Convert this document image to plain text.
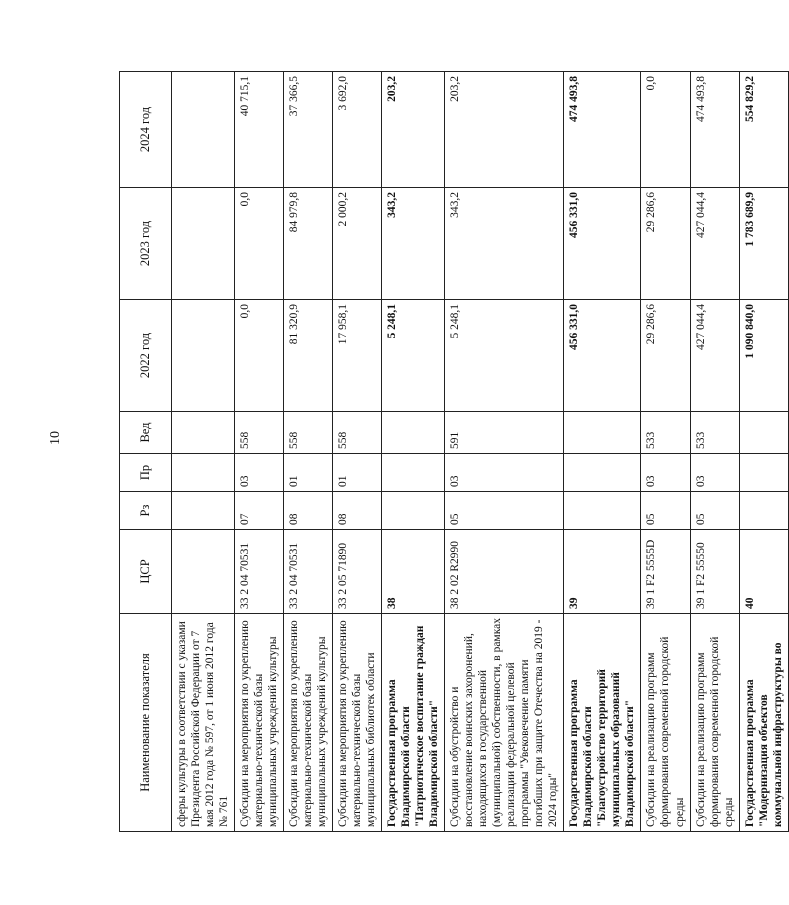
10
Наименование показателя	ЦСР	Рз	Пр	Вед	2022 год	2023 год	2024 год
сферы культуры в соответствии с указами Президента Российской Федерации от 7 мая 2012 года № 597, от 1 июня 2012 года № 761							
Субсидии на мероприятия по укреплению материально-технической базы муниципальных учреждений культуры	33 2 04 70531	07	03	558	0,0	0,0	40 715,1
Субсидии на мероприятия по укреплению материально-технической базы муниципальных учреждений культуры	33 2 04 70531	08	01	558	81 320,9	84 979,8	37 366,5
Субсидии на мероприятия по укреплению материально-технической базы муниципальных библиотек области	33 2 05 71890	08	01	558	17 958,1	2 000,2	3 692,0
Государственная программа Владимирской области "Патриотическое воспитание граждан Владимирской области"	38				5 248,1	343,2	203,2
Субсидии на обустройство и восстановление воинских захоронений, находящихся в государственной (муниципальной) собственности, в рамках реализации федеральной целевой программы "Увековечение памяти погибших при защите Отечества на 2019 - 2024 годы"	38 2 02 R2990	05	03	591	5 248,1	343,2	203,2
Государственная программа Владимирской области "Благоустройство территорий муниципальных образований Владимирской области"	39				456 331,0	456 331,0	474 493,8
Субсидии на реализацию программ формирования современной городской среды	39 1 F2 5555D	05	03	533	29 286,6	29 286,6	0,0
Субсидии на реализацию программ формирования современной городской среды	39 1 F2 55550	05	03	533	427 044,4	427 044,4	474 493,8
Государственная программа "Модернизация объектов коммунальной инфраструктуры во	40				1 090 840,0	1 783 689,9	554 829,2
